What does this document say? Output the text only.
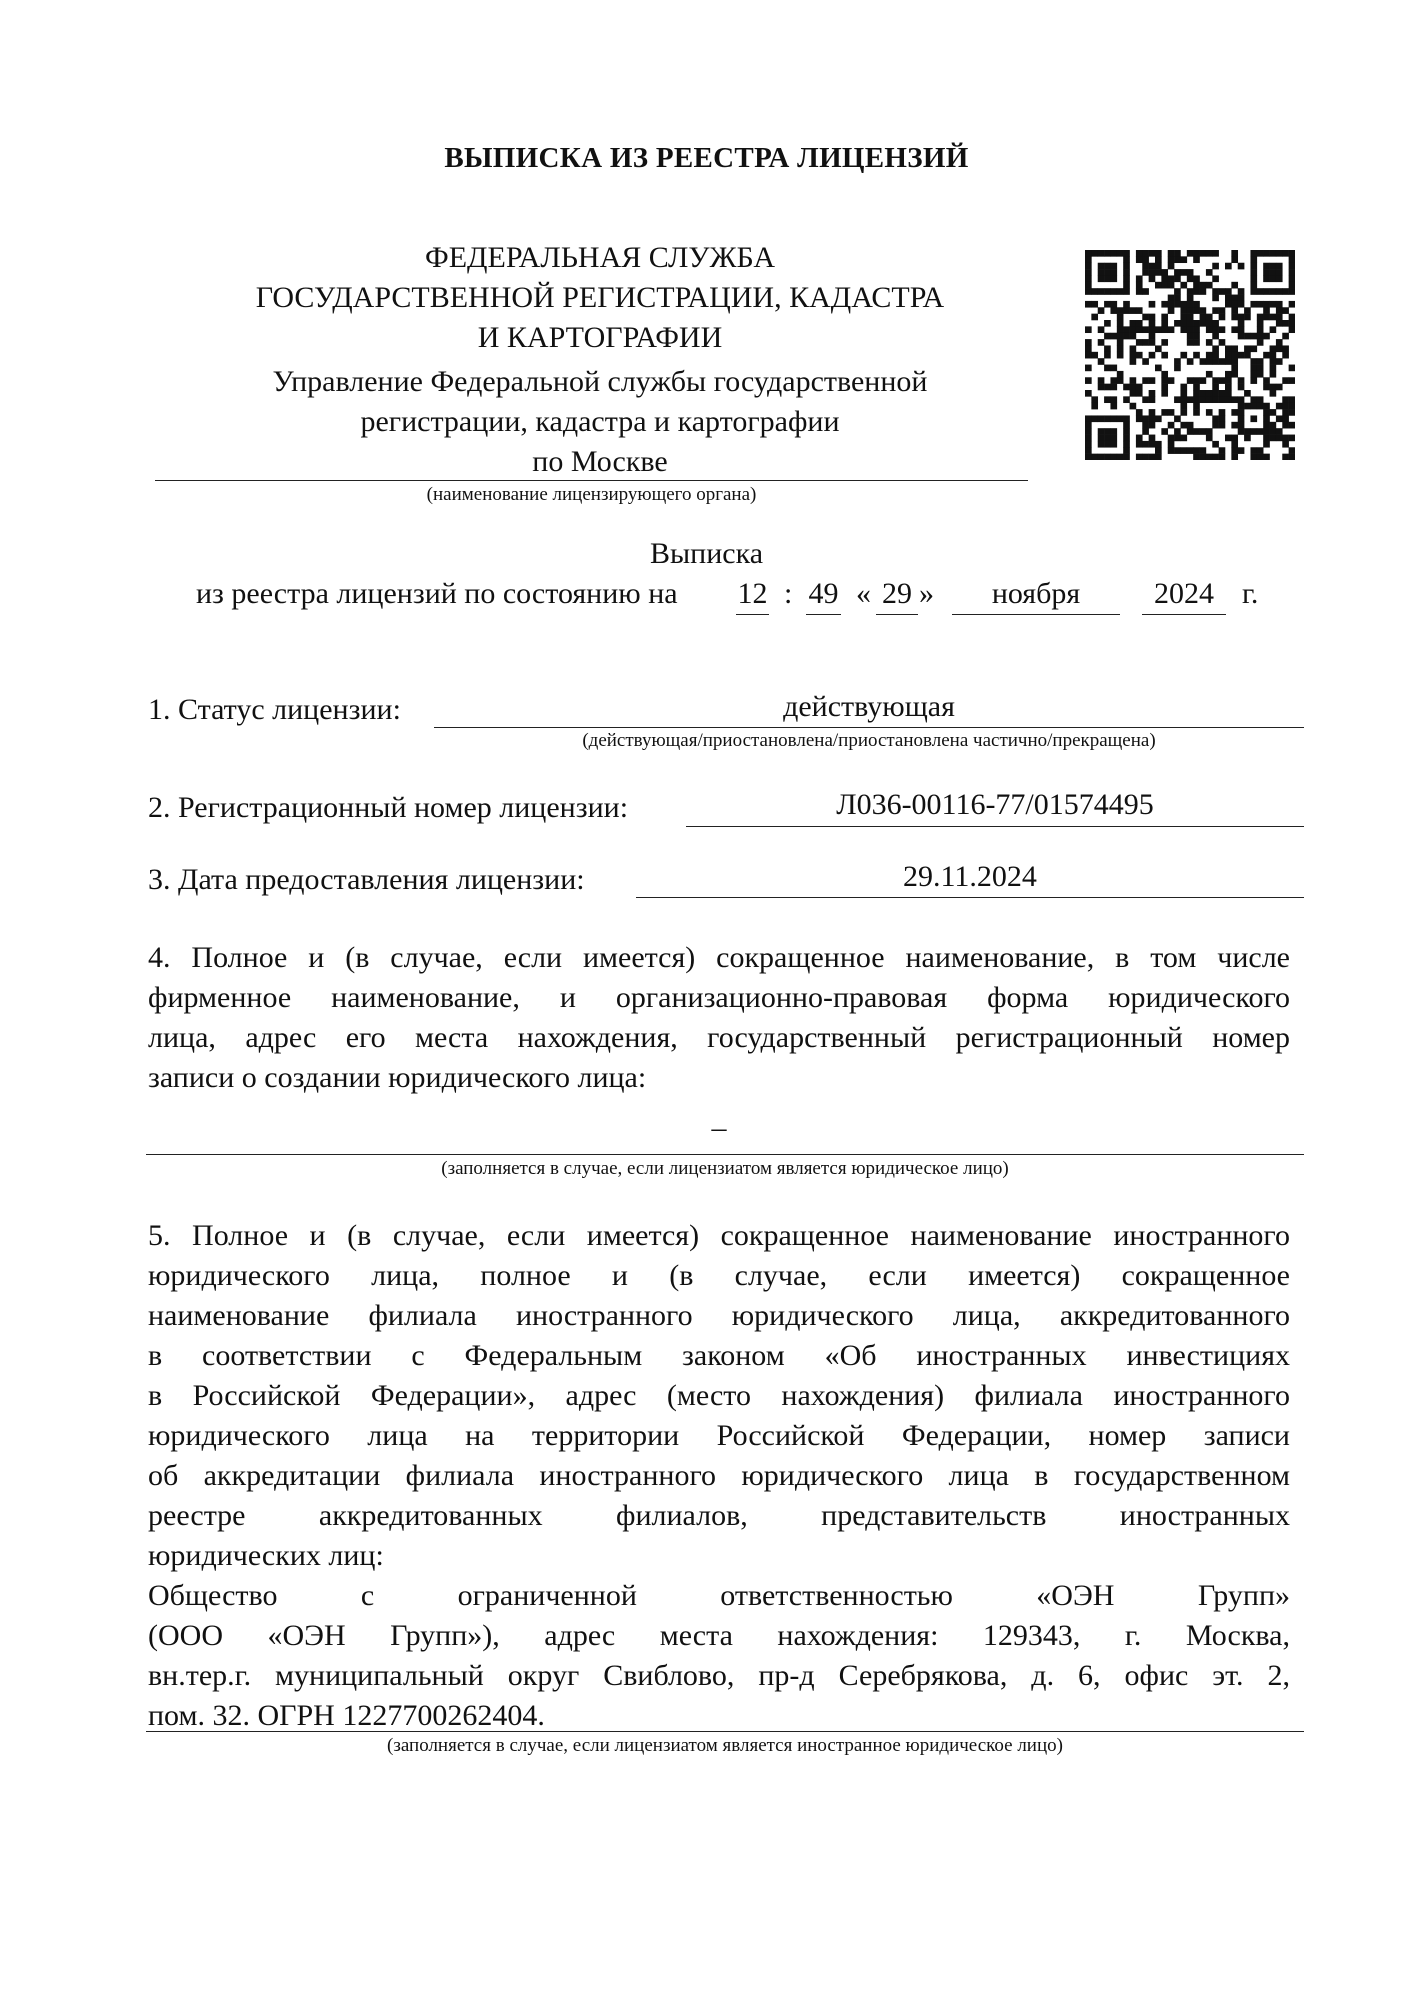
ВЫПИСКА ИЗ РЕЕСТРА ЛИЦЕНЗИЙ
ФЕДЕРАЛЬНАЯ СЛУЖБА
ГОСУДАРСТВЕННОЙ РЕГИСТРАЦИИ, КАДАСТРА
И КАРТОГРАФИИ
Управление Федеральной службы государственной
регистрации, кадастра и картографии
по Москве
(наименование лицензирующего органа)
Выписка
из реестра лицензий по состоянию на 12 : 49 « 29 »	ноября	2024 г.
1. Статус лицензии:	действующая
(действующая/приостановлена/приостановлена частично/прекращена)
2. Регистрационный номер лицензии:	Л036-00116-77/01574495
3. Дата предоставления лицензии:	29.11.2024
4. Полное и (в случае, если имеется) сокращенное наименование, в том числе
фирменное наименование, и организационно-правовая форма юридического
лица, адрес его места нахождения, государственный регистрационный номер
записи о создании юридического лица:
–
(заполняется в случае, если лицензиатом является юридическое лицо)
5. Полное и (в случае, если имеется) сокращенное наименование иностранного
юридического лица, полное и (в случае, если имеется) сокращенное
наименование филиала иностранного юридического лица, аккредитованного
в соответствии с Федеральным законом «Об иностранных инвестициях
в Российской Федерации», адрес (место нахождения) филиала иностранного
юридического лица на территории Российской Федерации, номер записи
об аккредитации филиала иностранного юридического лица в государственном
реестре аккредитованных филиалов, представительств иностранных
юридических лиц:
Общество с ограниченной ответственностью «ОЭН Групп»
(ООО «ОЭН Групп»), адрес места нахождения: 129343, г. Москва,
вн.тер.г. муниципальный округ Свиблово, пр-д Серебрякова, д. 6, офис эт. 2,
пом. 32. ОГРН 1227700262404.
(заполняется в случае, если лицензиатом является иностранное юридическое лицо)
